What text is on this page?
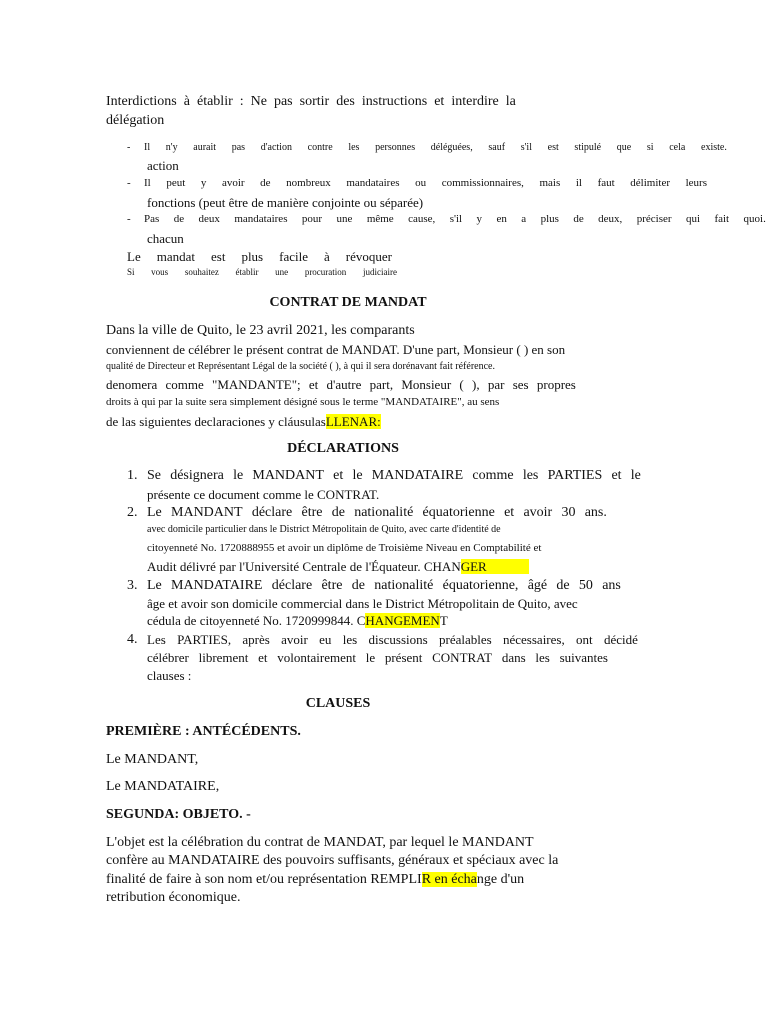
Interdictions à établir : Ne pas sortir des instructions et interdire la
délégation
- Il n'y aurait pas d'action contre les personnes déléguées, sauf s'il est stipulé que si cela existe.
action
- Il peut y avoir de nombreux mandataires ou commissionnaires, mais il faut délimiter leurs
fonctions (peut être de manière conjointe ou séparée)
- Pas de deux mandataires pour une même cause, s'il y en a plus de deux, préciser qui fait quoi.
chacun
Le mandat est plus facile à révoquer
Si vous souhaitez établir une procuration judiciaire
CONTRAT DE MANDAT
Dans la ville de Quito, le 23 avril 2021, les comparants
conviennent de célébrer le présent contrat de MANDAT. D'une part, Monsieur ( ) en son
qualité de Directeur et Représentant Légal de la société ( ), à qui il sera dorénavant fait référence.
denomera comme "MANDANTE"; et d'autre part, Monsieur ( ), par ses propres
droits à qui par la suite sera simplement désigné sous le terme "MANDATAIRE", au sens
de las siguientes declaraciones y cláusulasLLENAR:
DÉCLARATIONS
1. Se désignera le MANDANT et le MANDATAIRE comme les PARTIES et le
présente ce document comme le CONTRAT.
2. Le MANDANT déclare être de nationalité équatorienne et avoir 30 ans.
avec domicile particulier dans le District Métropolitain de Quito, avec carte d'identité de
citoyenneté No. 1720888955 et avoir un diplôme de Troisième Niveau en Comptabilité et
Audit délivré par l'Université Centrale de l'Équateur. CHANGER
3. Le MANDATAIRE déclare être de nationalité équatorienne, âgé de 50 ans
âge et avoir son domicile commercial dans le District Métropolitain de Quito, avec
cédula de citoyenneté No. 1720999844. CHANGEMENT
4. Les PARTIES, après avoir eu les discussions préalables nécessaires, ont décidé
célébrer librement et volontairement le présent CONTRAT dans les suivantes
clauses :
CLAUSES
PREMIÈRE : ANTÉCÉDENTS.
Le MANDANT,
Le MANDATAIRE,
SEGUNDA: OBJETO. -
L'objet est la célébration du contrat de MANDAT, par lequel le MANDANT
confère au MANDATAIRE des pouvoirs suffisants, généraux et spéciaux avec la
finalité de faire à son nom et/ou représentation REMPLIR en échange d'un
retribution économique.
